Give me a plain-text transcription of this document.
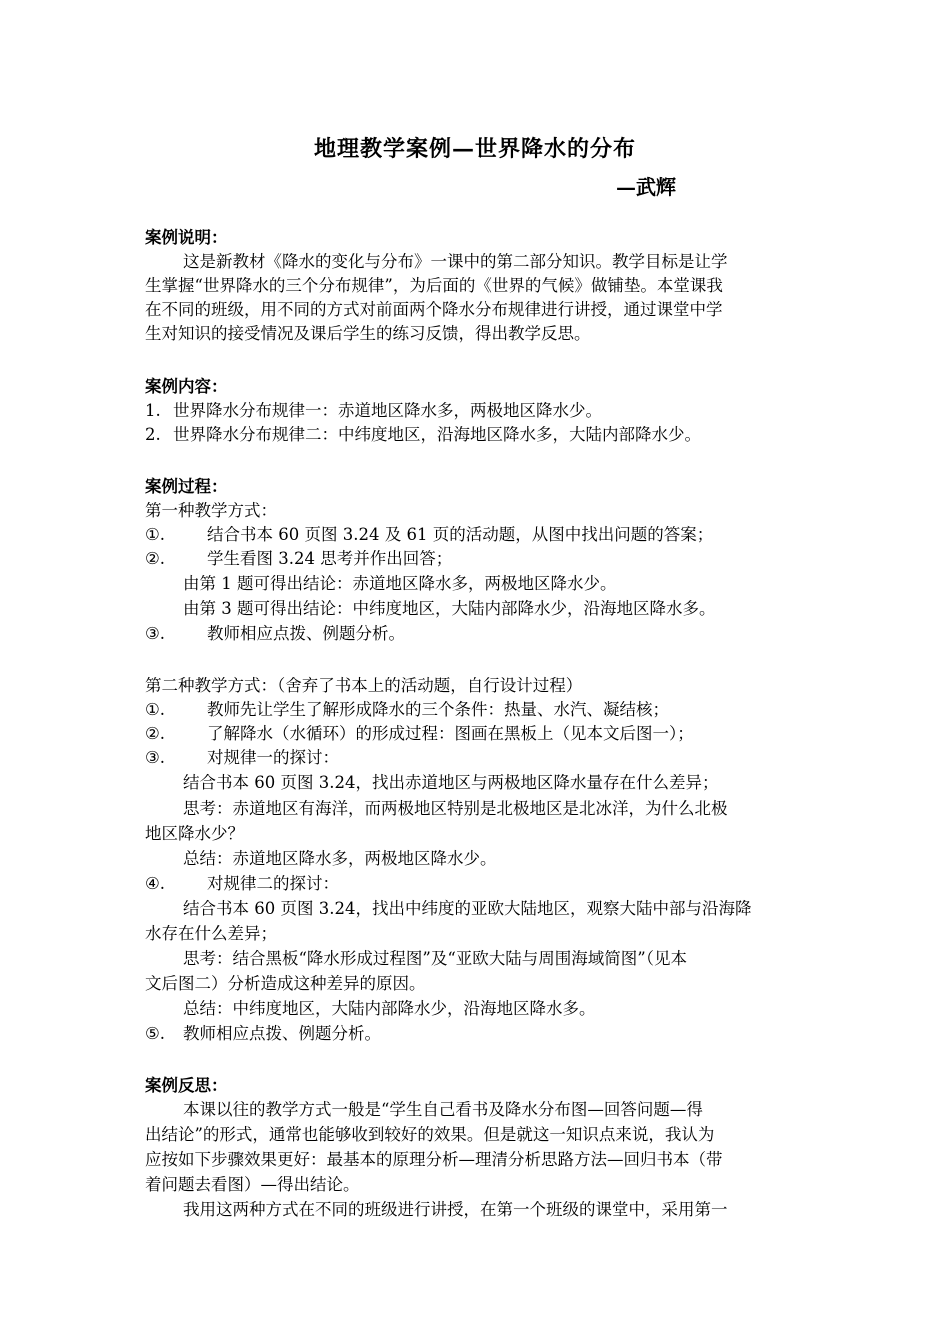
地理教学案例—世界降水的分布
—武辉
案例说明：
这是新教材《降水的变化与分布》一课中的第二部分知识。教学目标是让学
生掌握“世界降水的三个分布规律”，为后面的《世界的气候》做铺垫。本堂课我
在不同的班级，用不同的方式对前面两个降水分布规律进行讲授，通过课堂中学
生对知识的接受情况及课后学生的练习反馈，得出教学反思。
案例内容：
1. 世界降水分布规律一：赤道地区降水多，两极地区降水少。
2. 世界降水分布规律二：中纬度地区，沿海地区降水多，大陆内部降水少。
案例过程：
第一种教学方式：
①.	结合书本 60 页图 3.24 及 61 页的活动题，从图中找出问题的答案；
②.	学生看图 3.24 思考并作出回答；
由第 1 题可得出结论：赤道地区降水多，两极地区降水少。
由第 3 题可得出结论：中纬度地区，大陆内部降水少，沿海地区降水多。
③.	教师相应点拨、例题分析。
第二种教学方式：（舍弃了书本上的活动题，自行设计过程）
①.	教师先让学生了解形成降水的三个条件：热量、水汽、凝结核；
②.	了解降水（水循环）的形成过程：图画在黑板上（见本文后图一）；
③.	对规律一的探讨：
结合书本 60 页图 3.24，找出赤道地区与两极地区降水量存在什么差异；
思考：赤道地区有海洋，而两极地区特别是北极地区是北冰洋，为什么北极
地区降水少？
总结：赤道地区降水多，两极地区降水少。
④.	对规律二的探讨：
结合书本 60 页图 3.24，找出中纬度的亚欧大陆地区，观察大陆中部与沿海降
水存在什么差异；
思考：结合黑板“降水形成过程图”及“亚欧大陆与周围海域简图”（见本
文后图二）分析造成这种差异的原因。
总结：中纬度地区，大陆内部降水少，沿海地区降水多。
⑤. 教师相应点拨、例题分析。
案例反思：
本课以往的教学方式一般是“学生自己看书及降水分布图—回答问题—得
出结论”的形式，通常也能够收到较好的效果。但是就这一知识点来说，我认为
应按如下步骤效果更好：最基本的原理分析—理清分析思路方法—回归书本（带
着问题去看图）—得出结论。
我用这两种方式在不同的班级进行讲授，在第一个班级的课堂中，采用第一
